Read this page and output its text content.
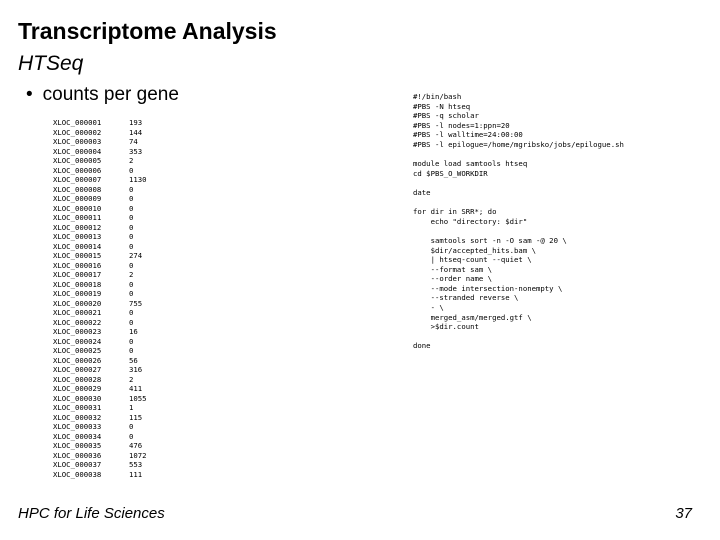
Transcriptome Analysis
HTSeq
• counts per gene
XLOC_000001	193
XLOC_000002	144
XLOC_000003	74
XLOC_000004	353
XLOC_000005	2
XLOC_000006	0
XLOC_000007	1130
XLOC_000008	0
XLOC_000009	0
XLOC_000010	0
XLOC_000011	0
XLOC_000012	0
XLOC_000013	0
XLOC_000014	0
XLOC_000015	274
XLOC_000016	0
XLOC_000017	2
XLOC_000018	0
XLOC_000019	0
XLOC_000020	755
XLOC_000021	0
XLOC_000022	0
XLOC_000023	16
XLOC_000024	0
XLOC_000025	0
XLOC_000026	56
XLOC_000027	316
XLOC_000028	2
XLOC_000029	411
XLOC_000030	1055
XLOC_000031	1
XLOC_000032	115
XLOC_000033	0
XLOC_000034	0
XLOC_000035	476
XLOC_000036	1072
XLOC_000037	553
XLOC_000038	111
#!/bin/bash
#PBS -N htseq
#PBS -q scholar
#PBS -l nodes=1:ppn=20
#PBS -l walltime=24:00:00
#PBS -l epilogue=/home/mgribsko/jobs/epilogue.sh
module load samtools htseq
cd $PBS_O_WORKDIR
date
for dir in SRR*; do
echo "directory: $dir"
samtools sort -n -O sam -@ 20 \
$dir/accepted_hits.bam \
| htseq-count --quiet \
--format sam \
--order name \
--mode intersection-nonempty \
--stranded reverse \
- \
merged_asm/merged.gtf \
>$dir.count
done
HPC for Life Sciences	37
